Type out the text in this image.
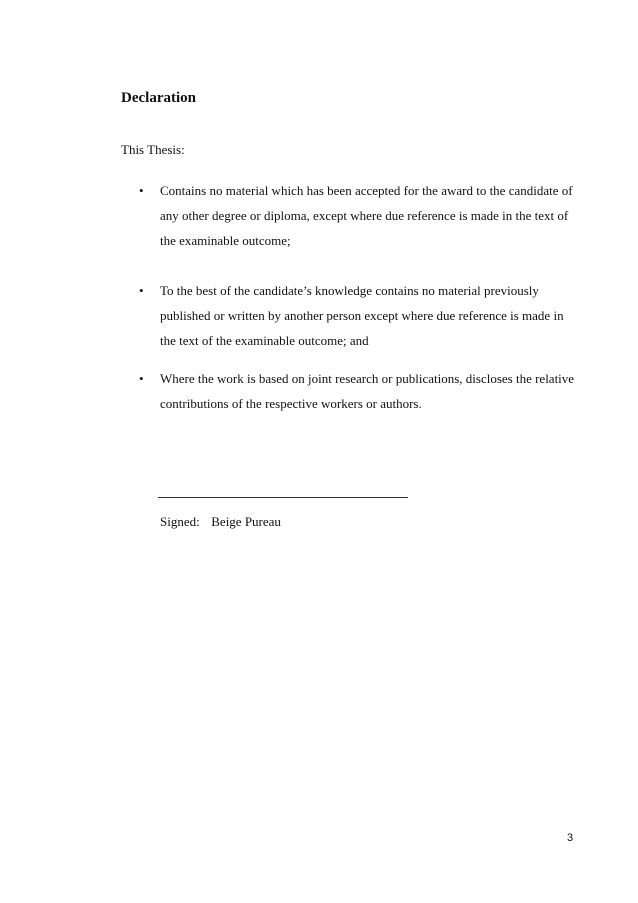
Declaration

This Thesis:

• Contains no material which has been accepted for the award to the candidate of any other degree or diploma, except where due reference is made in the text of the examinable outcome;
• To the best of the candidate’s knowledge contains no material previously published or written by another person except where due reference is made in the text of the examinable outcome; and
• Where the work is based on joint research or publications, discloses the relative contributions of the respective workers or authors.
Signed: Beige Pureau
3
